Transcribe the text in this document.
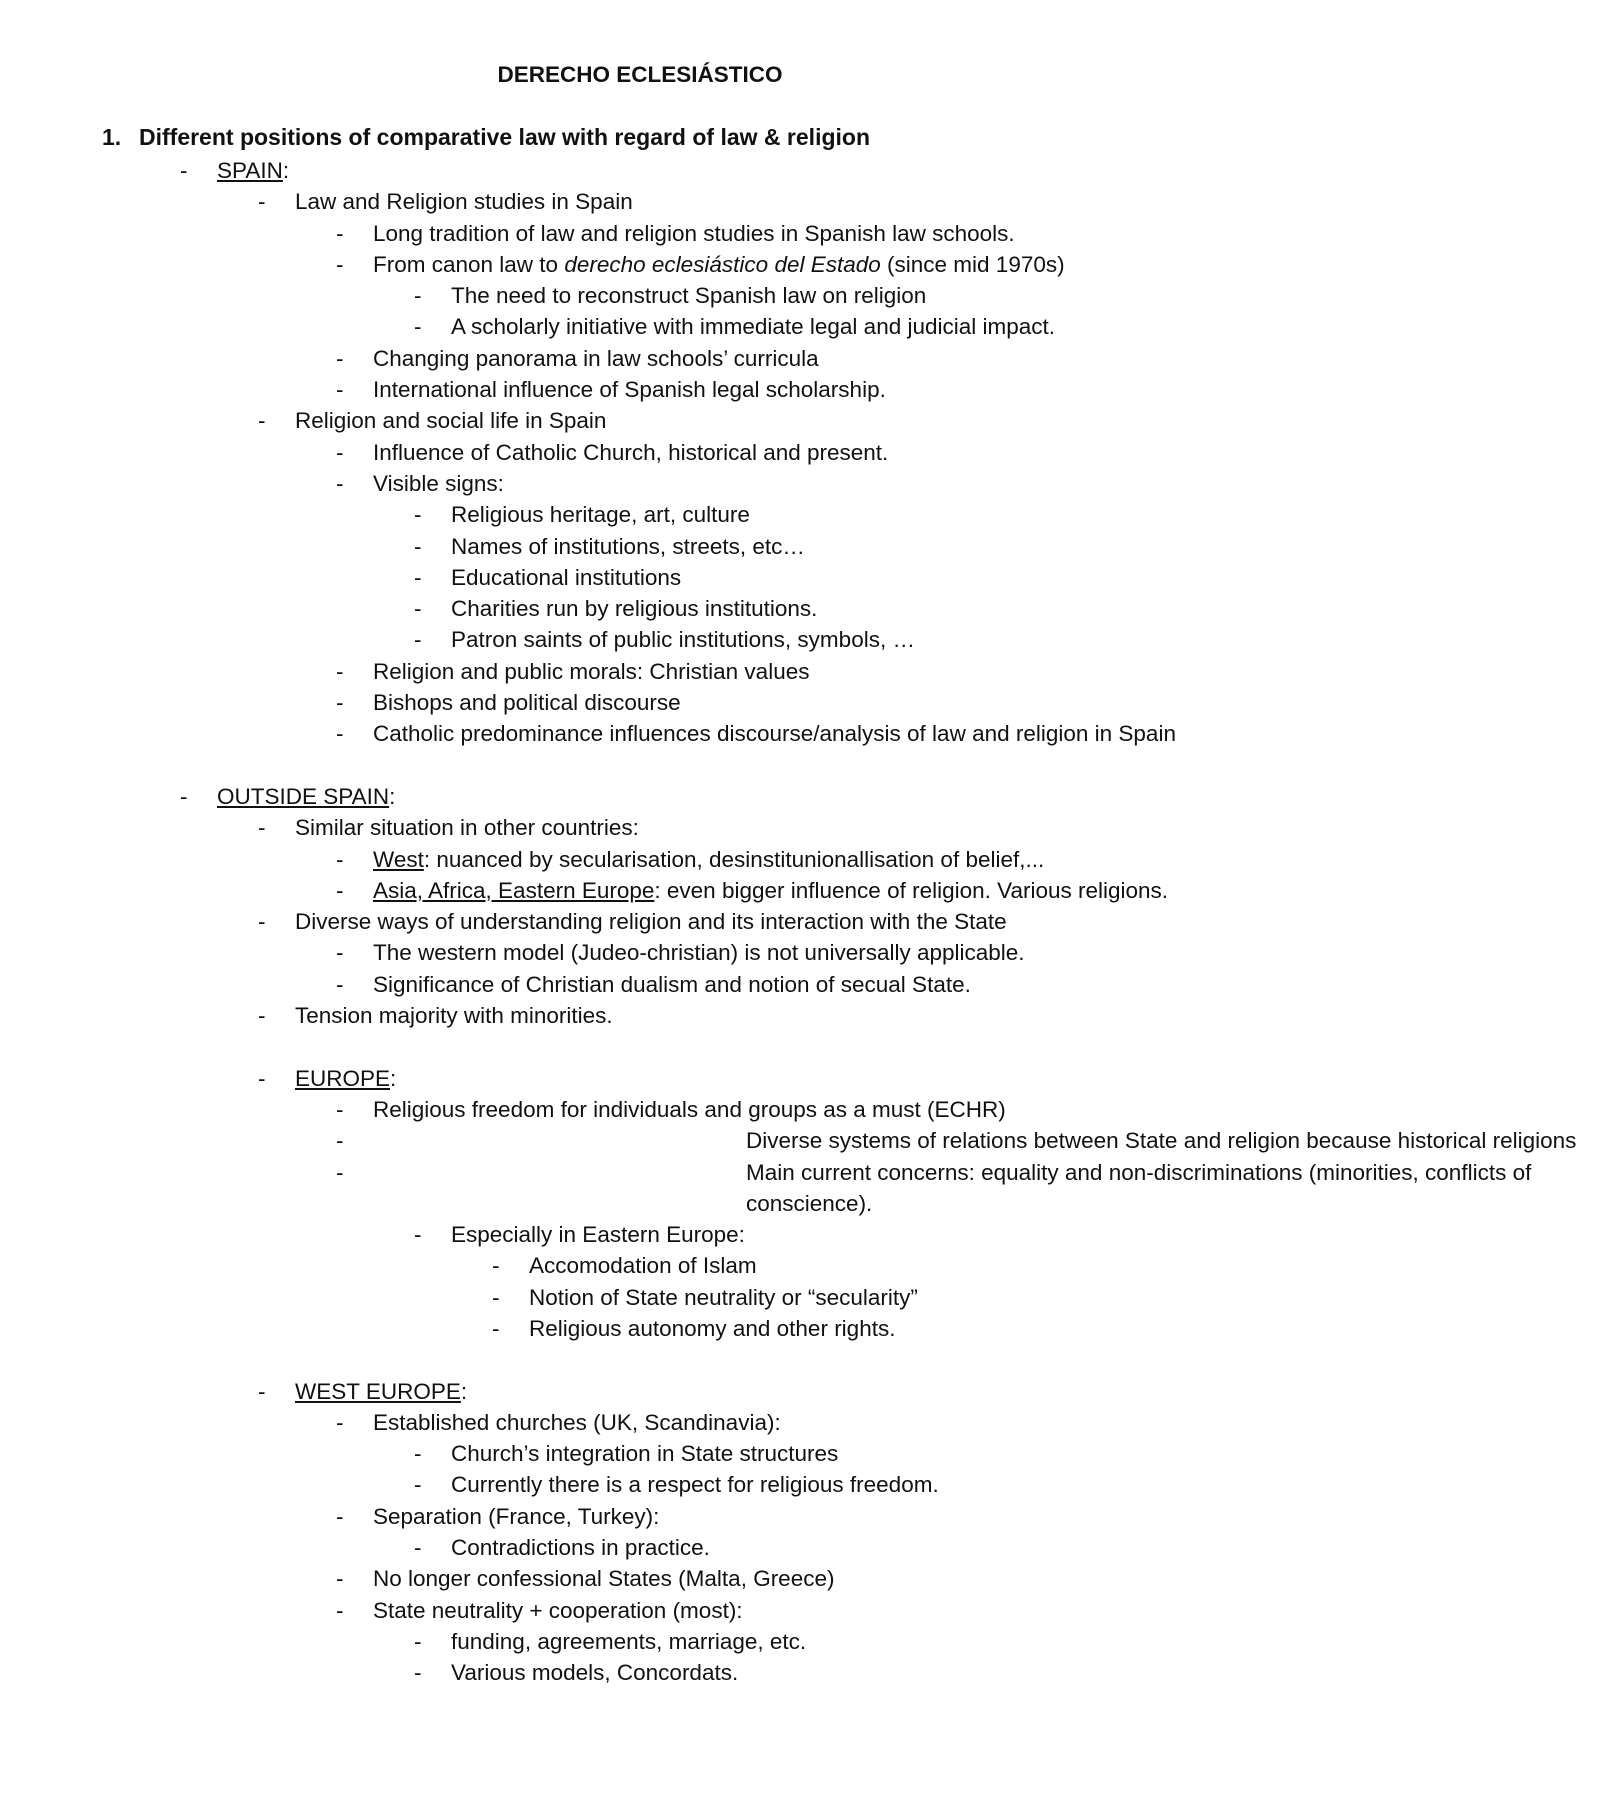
DERECHO ECLESIÁSTICO
1. Different positions of comparative law with regard of law & religion
- SPAIN:
- Law and Religion studies in Spain
- Long tradition of law and religion studies in Spanish law schools.
- From canon law to derecho eclesiástico del Estado (since mid 1970s)
- The need to reconstruct Spanish law on religion
- A scholarly initiative with immediate legal and judicial impact.
- Changing panorama in law schools’ curricula
- International influence of Spanish legal scholarship.
- Religion and social life in Spain
- Influence of Catholic Church, historical and present.
- Visible signs:
- Religious heritage, art, culture
- Names of institutions, streets, etc…
- Educational institutions
- Charities run by religious institutions.
- Patron saints of public institutions, symbols, …
- Religion and public morals: Christian values
- Bishops and political discourse
- Catholic predominance influences discourse/analysis of law and religion in Spain
- OUTSIDE SPAIN:
- Similar situation in other countries:
- West: nuanced by secularisation, desinstitunionallisation of belief,...
- Asia, Africa, Eastern Europe: even bigger influence of religion. Various religions.
- Diverse ways of understanding religion and its interaction with the State
- The western model (Judeo-christian) is not universally applicable.
- Significance of Christian dualism and notion of secual State.
- Tension majority with minorities.
- EUROPE:
- Religious freedom for individuals and groups as a must (ECHR)
-	Diverse systems of relations between State and religion because historical religions
-	Main current concerns: equality and non-discriminations (minorities, conflicts of conscience).
- Especially in Eastern Europe:
- Accomodation of Islam
- Notion of State neutrality or “secularity”
- Religious autonomy and other rights.
- WEST EUROPE:
- Established churches (UK, Scandinavia):
- Church’s integration in State structures
- Currently there is a respect for religious freedom.
- Separation (France, Turkey):
- Contradictions in practice.
- No longer confessional States (Malta, Greece)
- State neutrality + cooperation (most):
- funding, agreements, marriage, etc.
- Various models, Concordats.
